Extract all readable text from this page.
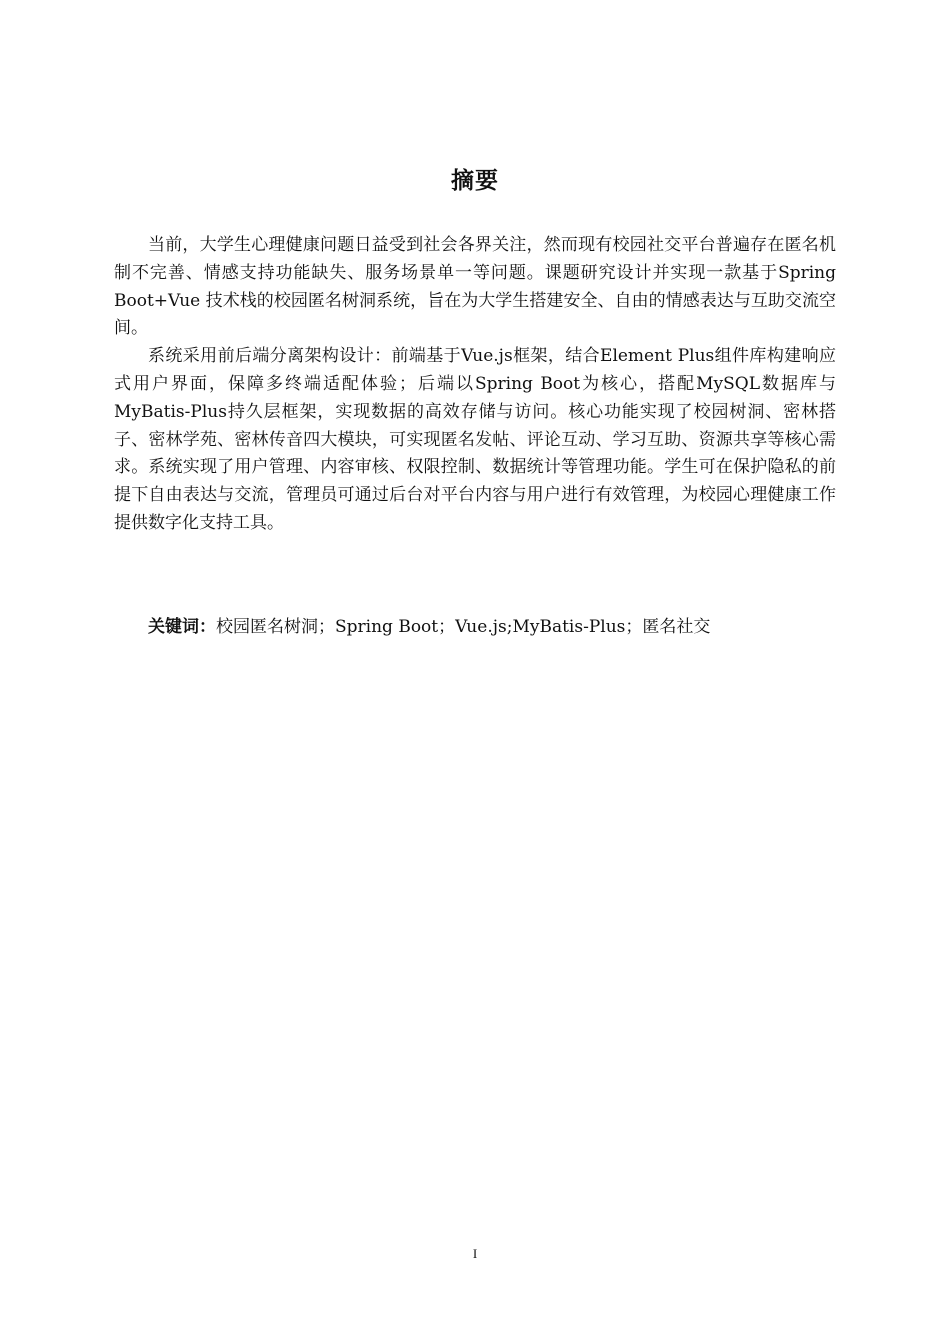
摘要

当前，大学生心理健康问题日益受到社会各界关注，然而现有校园社交平台普遍存在匿名机制不完善、情感支持功能缺失、服务场景单一等问题。课题研究设计并实现一款基于Spring Boot+Vue 技术栈的校园匿名树洞系统，旨在为大学生搭建安全、自由的情感表达与互助交流空间。

系统采用前后端分离架构设计：前端基于Vue.js框架，结合Element Plus组件库构建响应式用户界面，保障多终端适配体验；后端以Spring Boot为核心，搭配MySQL数据库与MyBatis-Plus持久层框架，实现数据的高效存储与访问。核心功能实现了校园树洞、密林搭子、密林学苑、密林传音四大模块，可实现匿名发帖、评论互动、学习互助、资源共享等核心需求。系统实现了用户管理、内容审核、权限控制、数据统计等管理功能。学生可在保护隐私的前提下自由表达与交流，管理员可通过后台对平台内容与用户进行有效管理，为校园心理健康工作提供数字化支持工具。

关键词：校园匿名树洞；Spring Boot；Vue.js;MyBatis-Plus；匿名社交

I
